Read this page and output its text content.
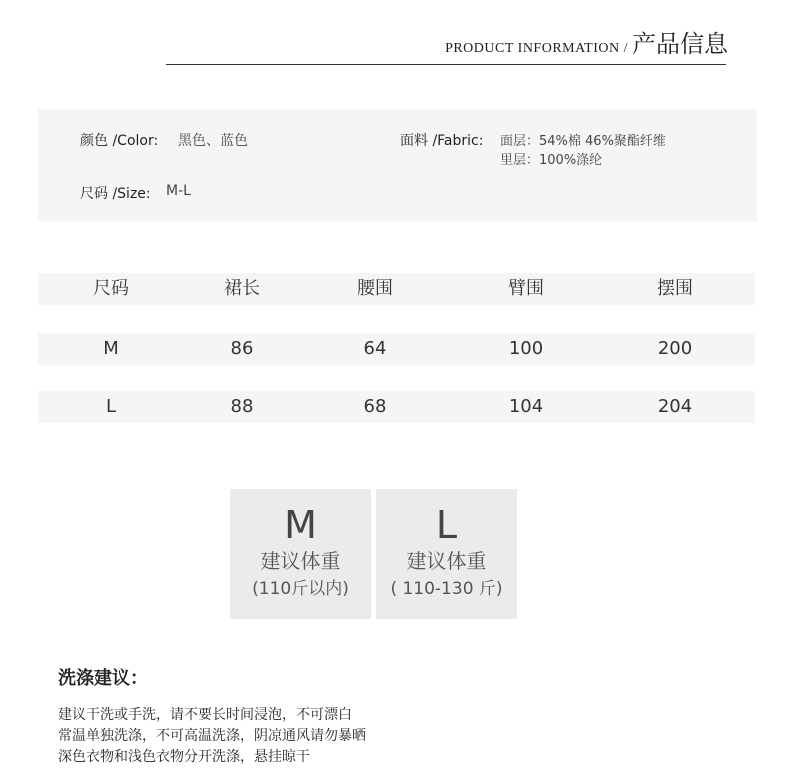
PRODUCT INFORMATION / 产品信息
颜色 /Color: 黑色、蓝色
尺码 /Size: M-L
面料 /Fabric: 面层：54%棉 46%聚酯纤维
里层：100%涤纶
尺码	裙长	腰围	臂围	摆围
M	86	64	100	200
L	88	68	104	204
M
建议体重
(110斤以内)
L
建议体重
( 110-130 斤)
洗涤建议：
建议干洗或手洗，请不要长时间浸泡，不可漂白
常温单独洗涤，不可高温洗涤，阴凉通风请勿暴晒
深色衣物和浅色衣物分开洗涤，悬挂晾干
